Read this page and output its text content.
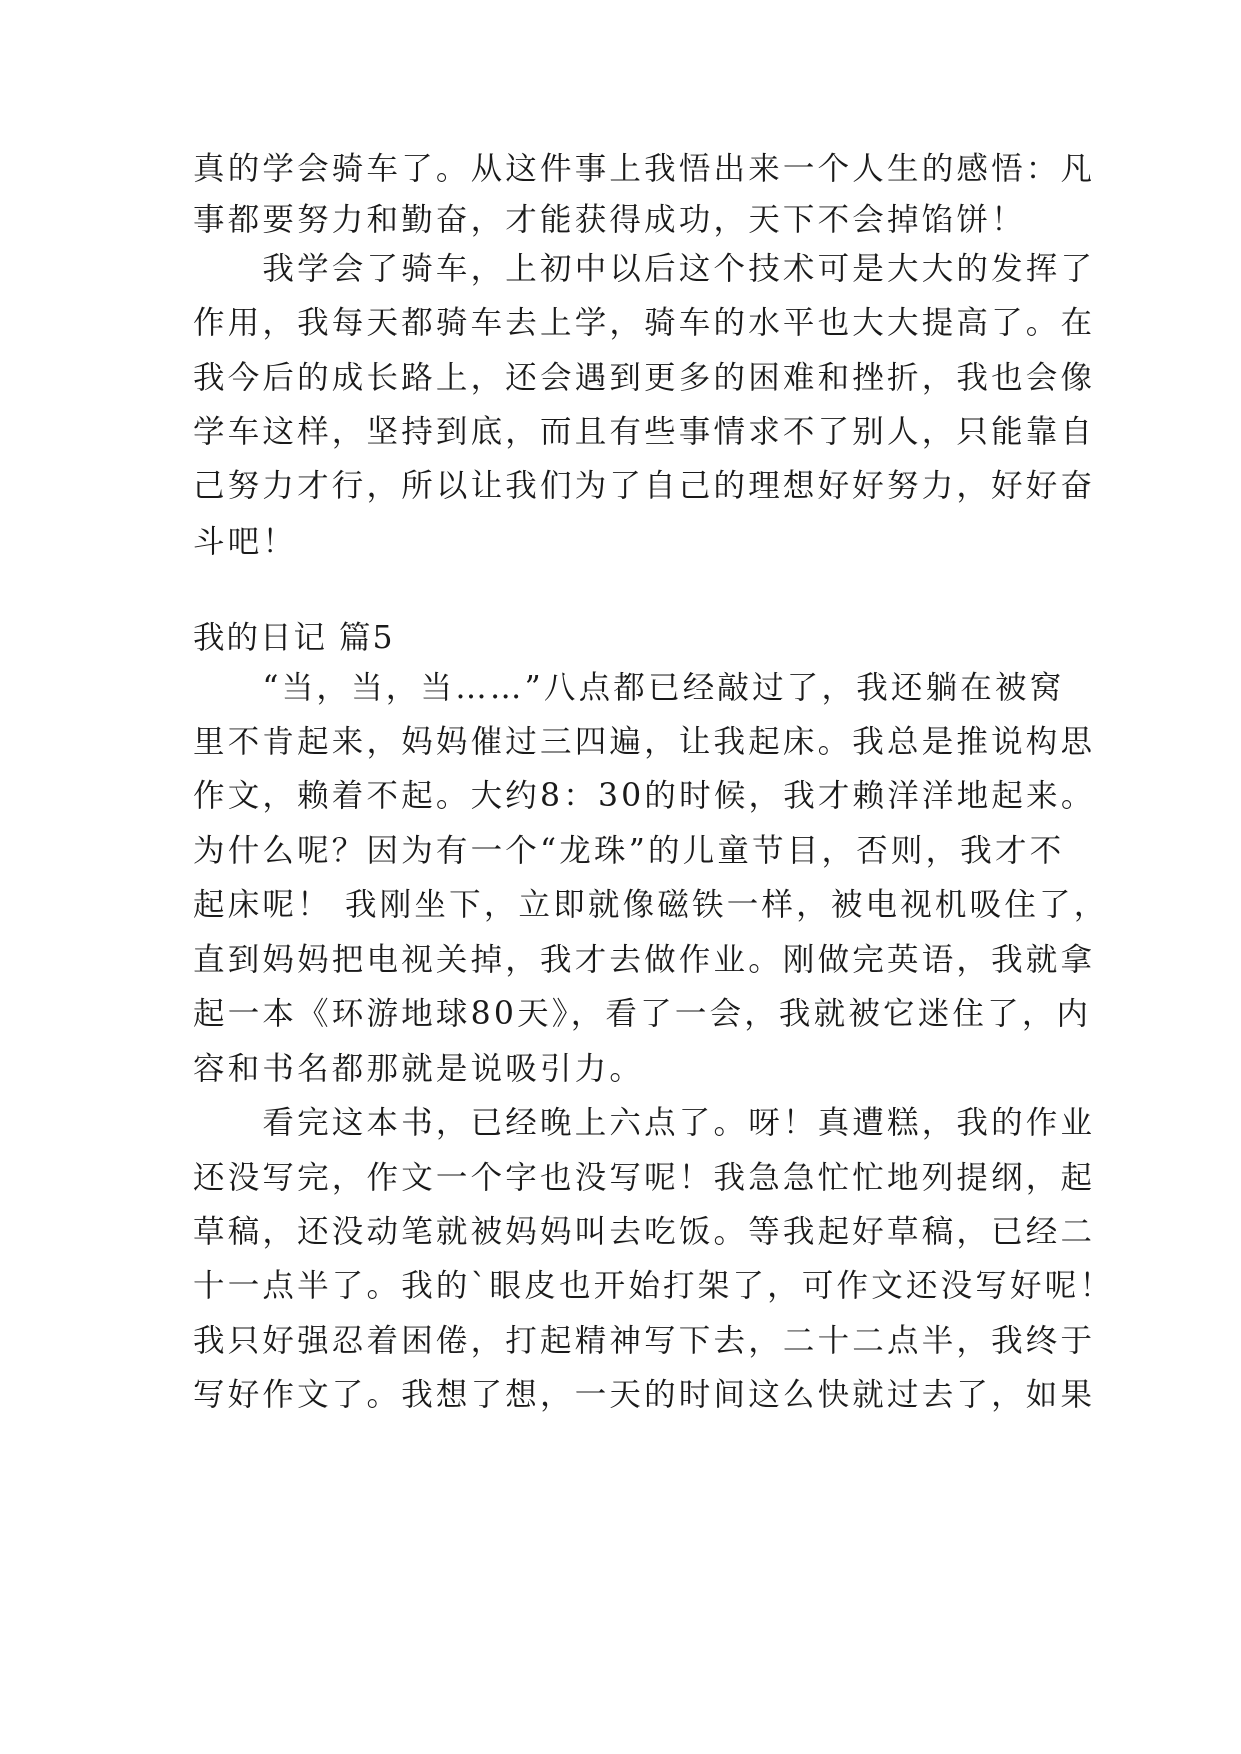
真的学会骑车了。从这件事上我悟出来一个人生的感悟：凡
事都要努力和勤奋，才能获得成功，天下不会掉馅饼！
　　我学会了骑车，上初中以后这个技术可是大大的发挥了
作用，我每天都骑车去上学，骑车的水平也大大提高了。在
我今后的成长路上，还会遇到更多的困难和挫折，我也会像
学车这样，坚持到底，而且有些事情求不了别人，只能靠自
己努力才行，所以让我们为了自己的理想好好努力，好好奋
斗吧！
我的日记 篇5
　　“当，当，当……”八点都已经敲过了，我还躺在被窝
里不肯起来，妈妈催过三四遍，让我起床。我总是推说构思
作文，赖着不起。大约8：30的时候，我才赖洋洋地起来。
为什么呢？因为有一个“龙珠”的儿童节目，否则，我才不
起床呢！ 我刚坐下，立即就像磁铁一样，被电视机吸住了，
直到妈妈把电视关掉，我才去做作业。刚做完英语，我就拿
起一本《环游地球80天》，看了一会，我就被它迷住了，内
容和书名都那就是说吸引力。
　　看完这本书，已经晚上六点了。呀！真遭糕，我的作业
还没写完，作文一个字也没写呢！我急急忙忙地列提纲，起
草稿，还没动笔就被妈妈叫去吃饭。等我起好草稿，已经二
十一点半了。我的`眼皮也开始打架了，可作文还没写好呢！
我只好强忍着困倦，打起精神写下去，二十二点半，我终于
写好作文了。我想了想，一天的时间这么快就过去了，如果
